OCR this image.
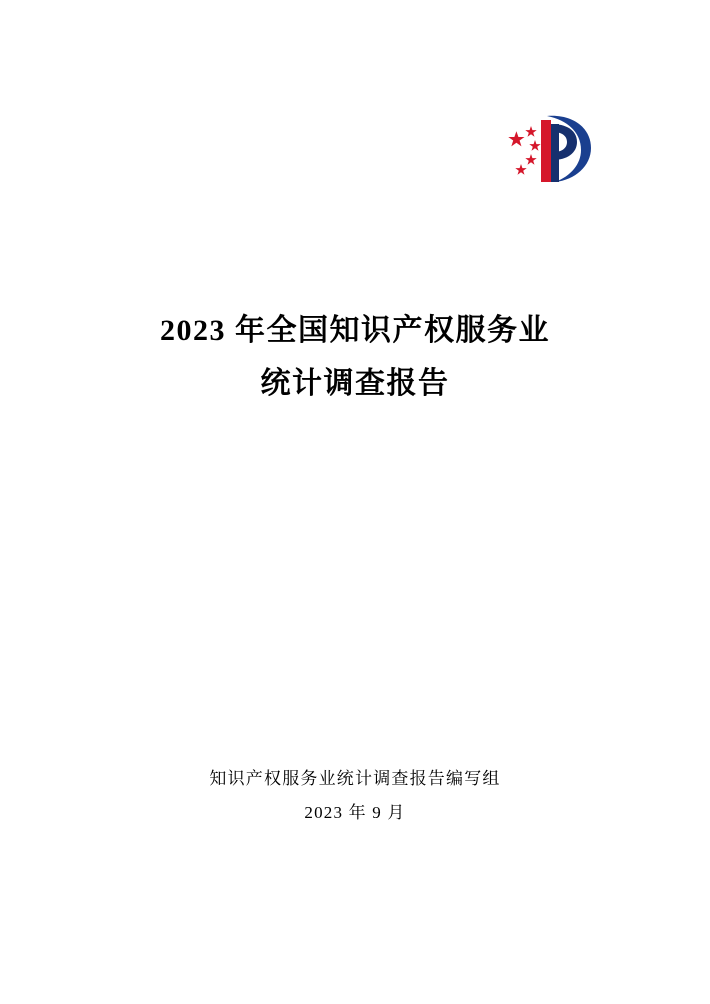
2023 年全国知识产权服务业
统计调查报告
知识产权服务业统计调查报告编写组
2023 年 9 月
